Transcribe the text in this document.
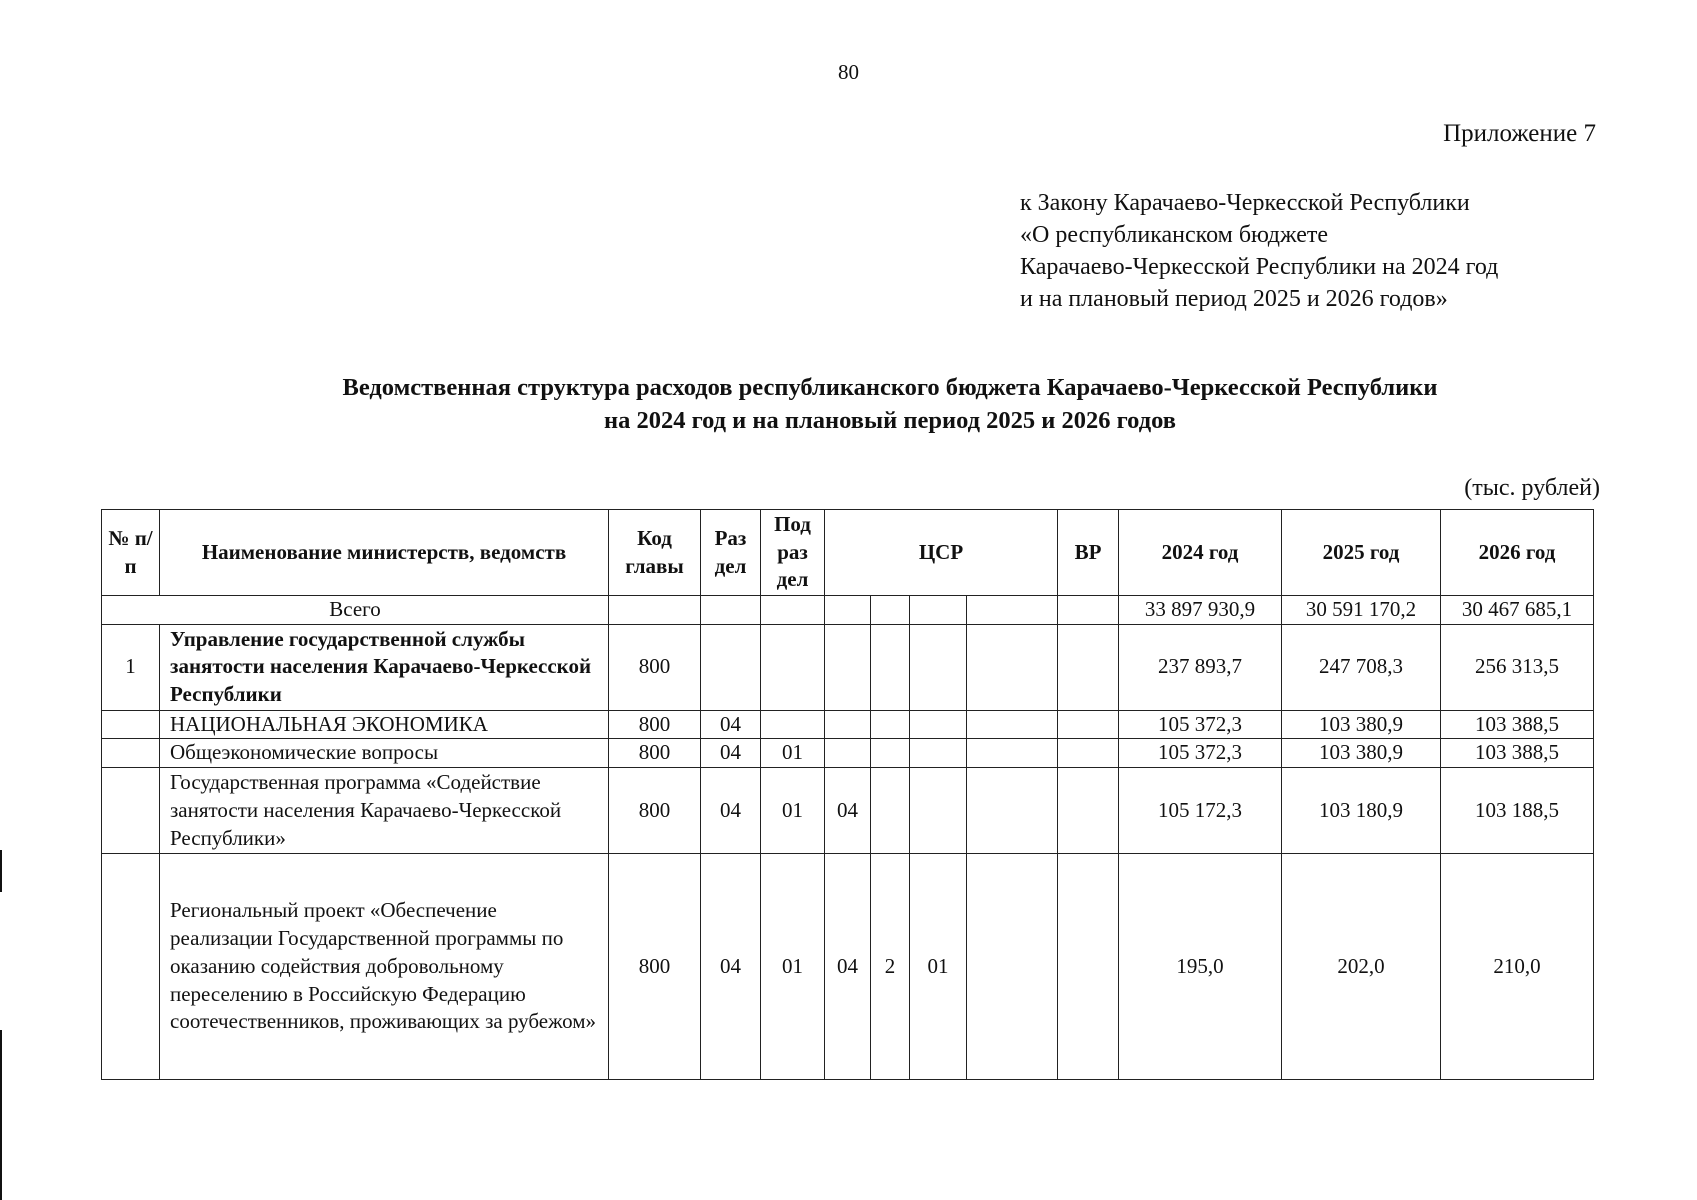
80
Приложение 7
к Закону Карачаево-Черкесской Республики
«О республиканском бюджете
Карачаево-Черкесской Республики на 2024 год
и на плановый период 2025 и 2026 годов»
Ведомственная структура расходов республиканского бюджета Карачаево-Черкесской Республики
на 2024 год и на плановый период 2025 и 2026 годов
(тыс. рублей)
№ п/п	Наименование министерств, ведомств	Код главы	Раз дел	Под раз дел	ЦСР				ВР	2024 год	2025 год	2026 год
Всего										33 897 930,9	30 591 170,2	30 467 685,1
1	Управление государственной службы занятости населения Карачаево-Черкесской Республики	800								237 893,7	247 708,3	256 313,5
	НАЦИОНАЛЬНАЯ ЭКОНОМИКА	800	04							105 372,3	103 380,9	103 388,5
	Общеэкономические вопросы	800	04	01						105 372,3	103 380,9	103 388,5
	Государственная программа «Содействие занятости населения Карачаево-Черкесской Республики»	800	04	01	04					105 172,3	103 180,9	103 188,5
	Региональный проект «Обеспечение реализации Государственной программы по оказанию содействия добровольному переселению в Российскую Федерацию соотечественников, проживающих за рубежом»	800	04	01	04	2	01			195,0	202,0	210,0
